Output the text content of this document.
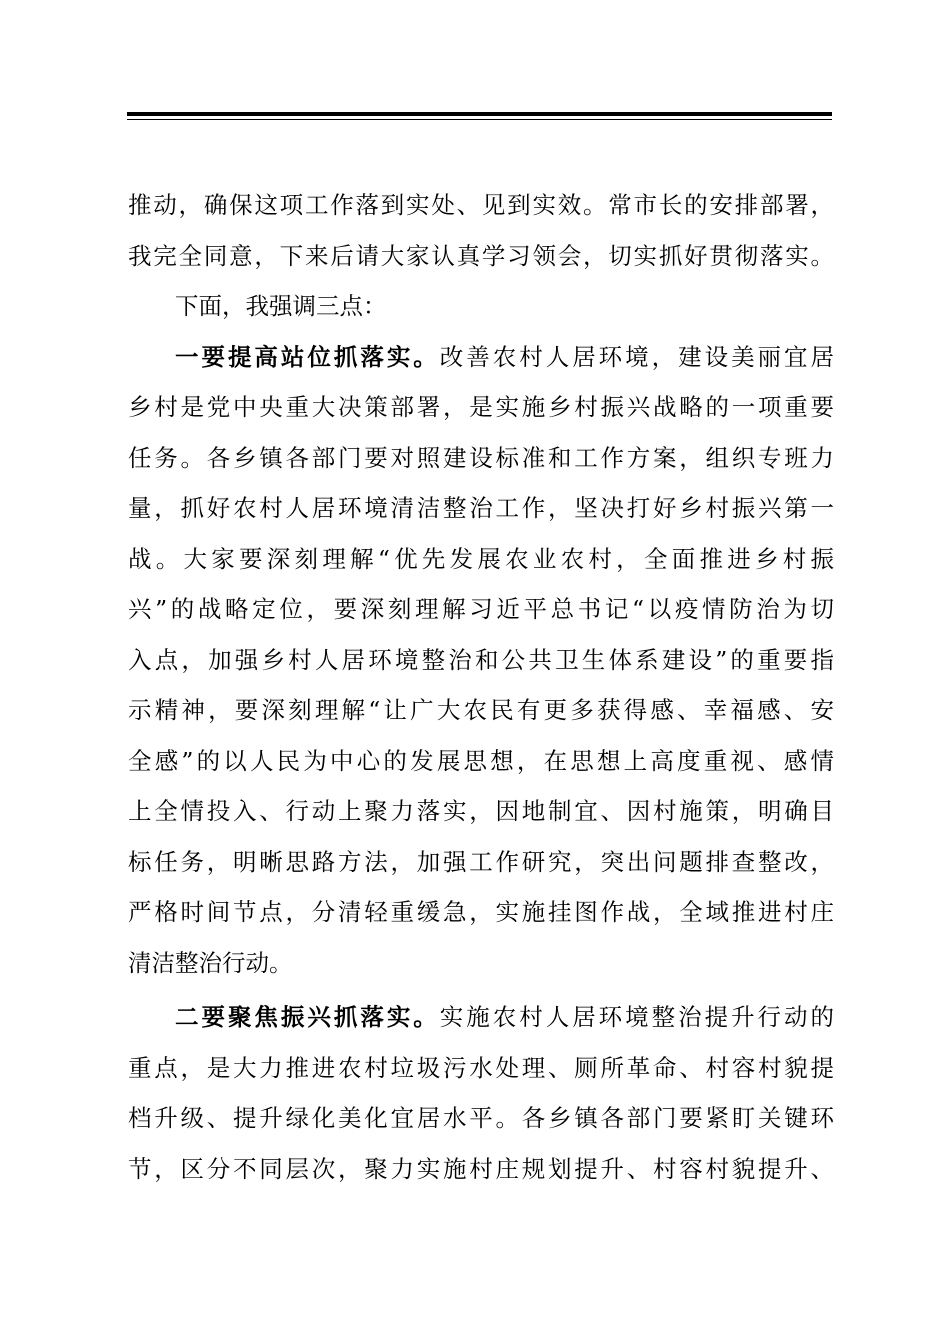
推动，确保这项工作落到实处、见到实效。常市长的安排部署，
我完全同意，下来后请大家认真学习领会，切实抓好贯彻落实。

下面，我强调三点：

一要提高站位抓落实。改善农村人居环境，建设美丽宜居
乡村是党中央重大决策部署，是实施乡村振兴战略的一项重要
任务。各乡镇各部门要对照建设标准和工作方案，组织专班力
量，抓好农村人居环境清洁整治工作，坚决打好乡村振兴第一
战。大家要深刻理解“优先发展农业农村，全面推进乡村振
兴”的战略定位，要深刻理解习近平总书记“以疫情防治为切
入点，加强乡村人居环境整治和公共卫生体系建设”的重要指
示精神，要深刻理解“让广大农民有更多获得感、幸福感、安
全感”的以人民为中心的发展思想，在思想上高度重视、感情
上全情投入、行动上聚力落实，因地制宜、因村施策，明确目
标任务，明晰思路方法，加强工作研究，突出问题排查整改，
严格时间节点，分清轻重缓急，实施挂图作战，全域推进村庄
清洁整治行动。

二要聚焦振兴抓落实。实施农村人居环境整治提升行动的
重点，是大力推进农村垃圾污水处理、厕所革命、村容村貌提
档升级、提升绿化美化宜居水平。各乡镇各部门要紧盯关键环
节，区分不同层次，聚力实施村庄规划提升、村容村貌提升、
